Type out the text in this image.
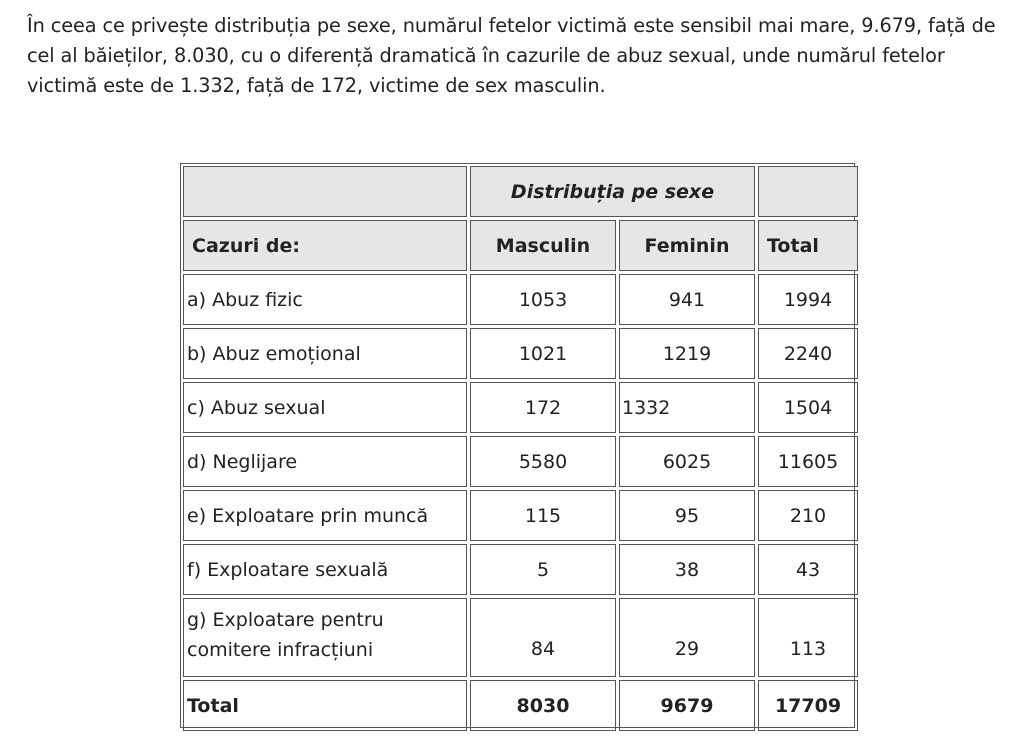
În ceea ce privește distribuția pe sexe, numărul fetelor victimă este sensibil mai mare, 9.679, față de cel al băieților, 8.030, cu o diferență dramatică în cazurile de abuz sexual, unde numărul fetelor victimă este de 1.332, față de 172, victime de sex masculin.

	Distribuția pe sexe		
Cazuri de:	Masculin	Feminin	Total
a) Abuz fizic	1053	941	1994
b) Abuz emoțional	1021	1219	2240
c) Abuz sexual	172	1332	1504
d) Neglijare	5580	6025	11605
e) Exploatare prin muncă	115	95	210
f) Exploatare sexuală	5	38	43
g) Exploatare pentru comitere infracțiuni	84	29	113
Total	8030	9679	17709
